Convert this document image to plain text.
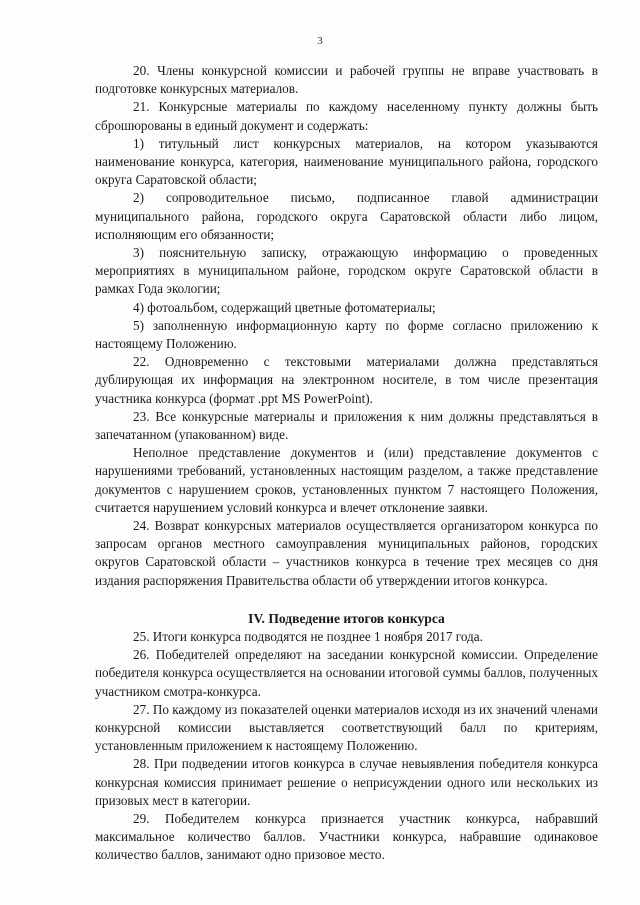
3

20. Члены конкурсной комиссии и рабочей группы не вправе участвовать в подготовке конкурсных материалов.

21. Конкурсные материалы по каждому населенному пункту должны быть сброшюрованы в единый документ и содержать:

1) титульный лист конкурсных материалов, на котором указываются наименование конкурса, категория, наименование муниципального района, городского округа Саратовской области;

2) сопроводительное письмо, подписанное главой администрации муниципального района, городского округа Саратовской области либо лицом, исполняющим его обязанности;

3) пояснительную записку, отражающую информацию о проведенных мероприятиях в муниципальном районе, городском округе Саратовской области в рамках Года экологии;

4) фотоальбом, содержащий цветные фотоматериалы;

5) заполненную информационную карту по форме согласно приложению к настоящему Положению.

22. Одновременно с текстовыми материалами должна представляться дублирующая их информация на электронном носителе, в том числе презентация участника конкурса (формат .ppt MS PowerPoint).

23. Все конкурсные материалы и приложения к ним должны представляться в запечатанном (упакованном) виде.

Неполное представление документов и (или) представление документов с нарушениями требований, установленных настоящим разделом, а также представление документов с нарушением сроков, установленных пунктом 7 настоящего Положения, считается нарушением условий конкурса и влечет отклонение заявки.

24. Возврат конкурсных материалов осуществляется организатором конкурса по запросам органов местного самоуправления муниципальных районов, городских округов Саратовской области – участников конкурса в течение трех месяцев со дня издания распоряжения Правительства области об утверждении итогов конкурса.

IV. Подведение итогов конкурса

25. Итоги конкурса подводятся не позднее 1 ноября 2017 года.

26. Победителей определяют на заседании конкурсной комиссии. Определение победителя конкурса осуществляется на основании итоговой суммы баллов, полученных участником смотра-конкурса.

27. По каждому из показателей оценки материалов исходя из их значений членами конкурсной комиссии выставляется соответствующий балл по критериям, установленным приложением к настоящему Положению.

28. При подведении итогов конкурса в случае невыявления победителя конкурса конкурсная комиссия принимает решение о неприсуждении одного или нескольких из призовых мест в категории.

29. Победителем конкурса признается участник конкурса, набравший максимальное количество баллов. Участники конкурса, набравшие одинаковое количество баллов, занимают одно призовое место.
